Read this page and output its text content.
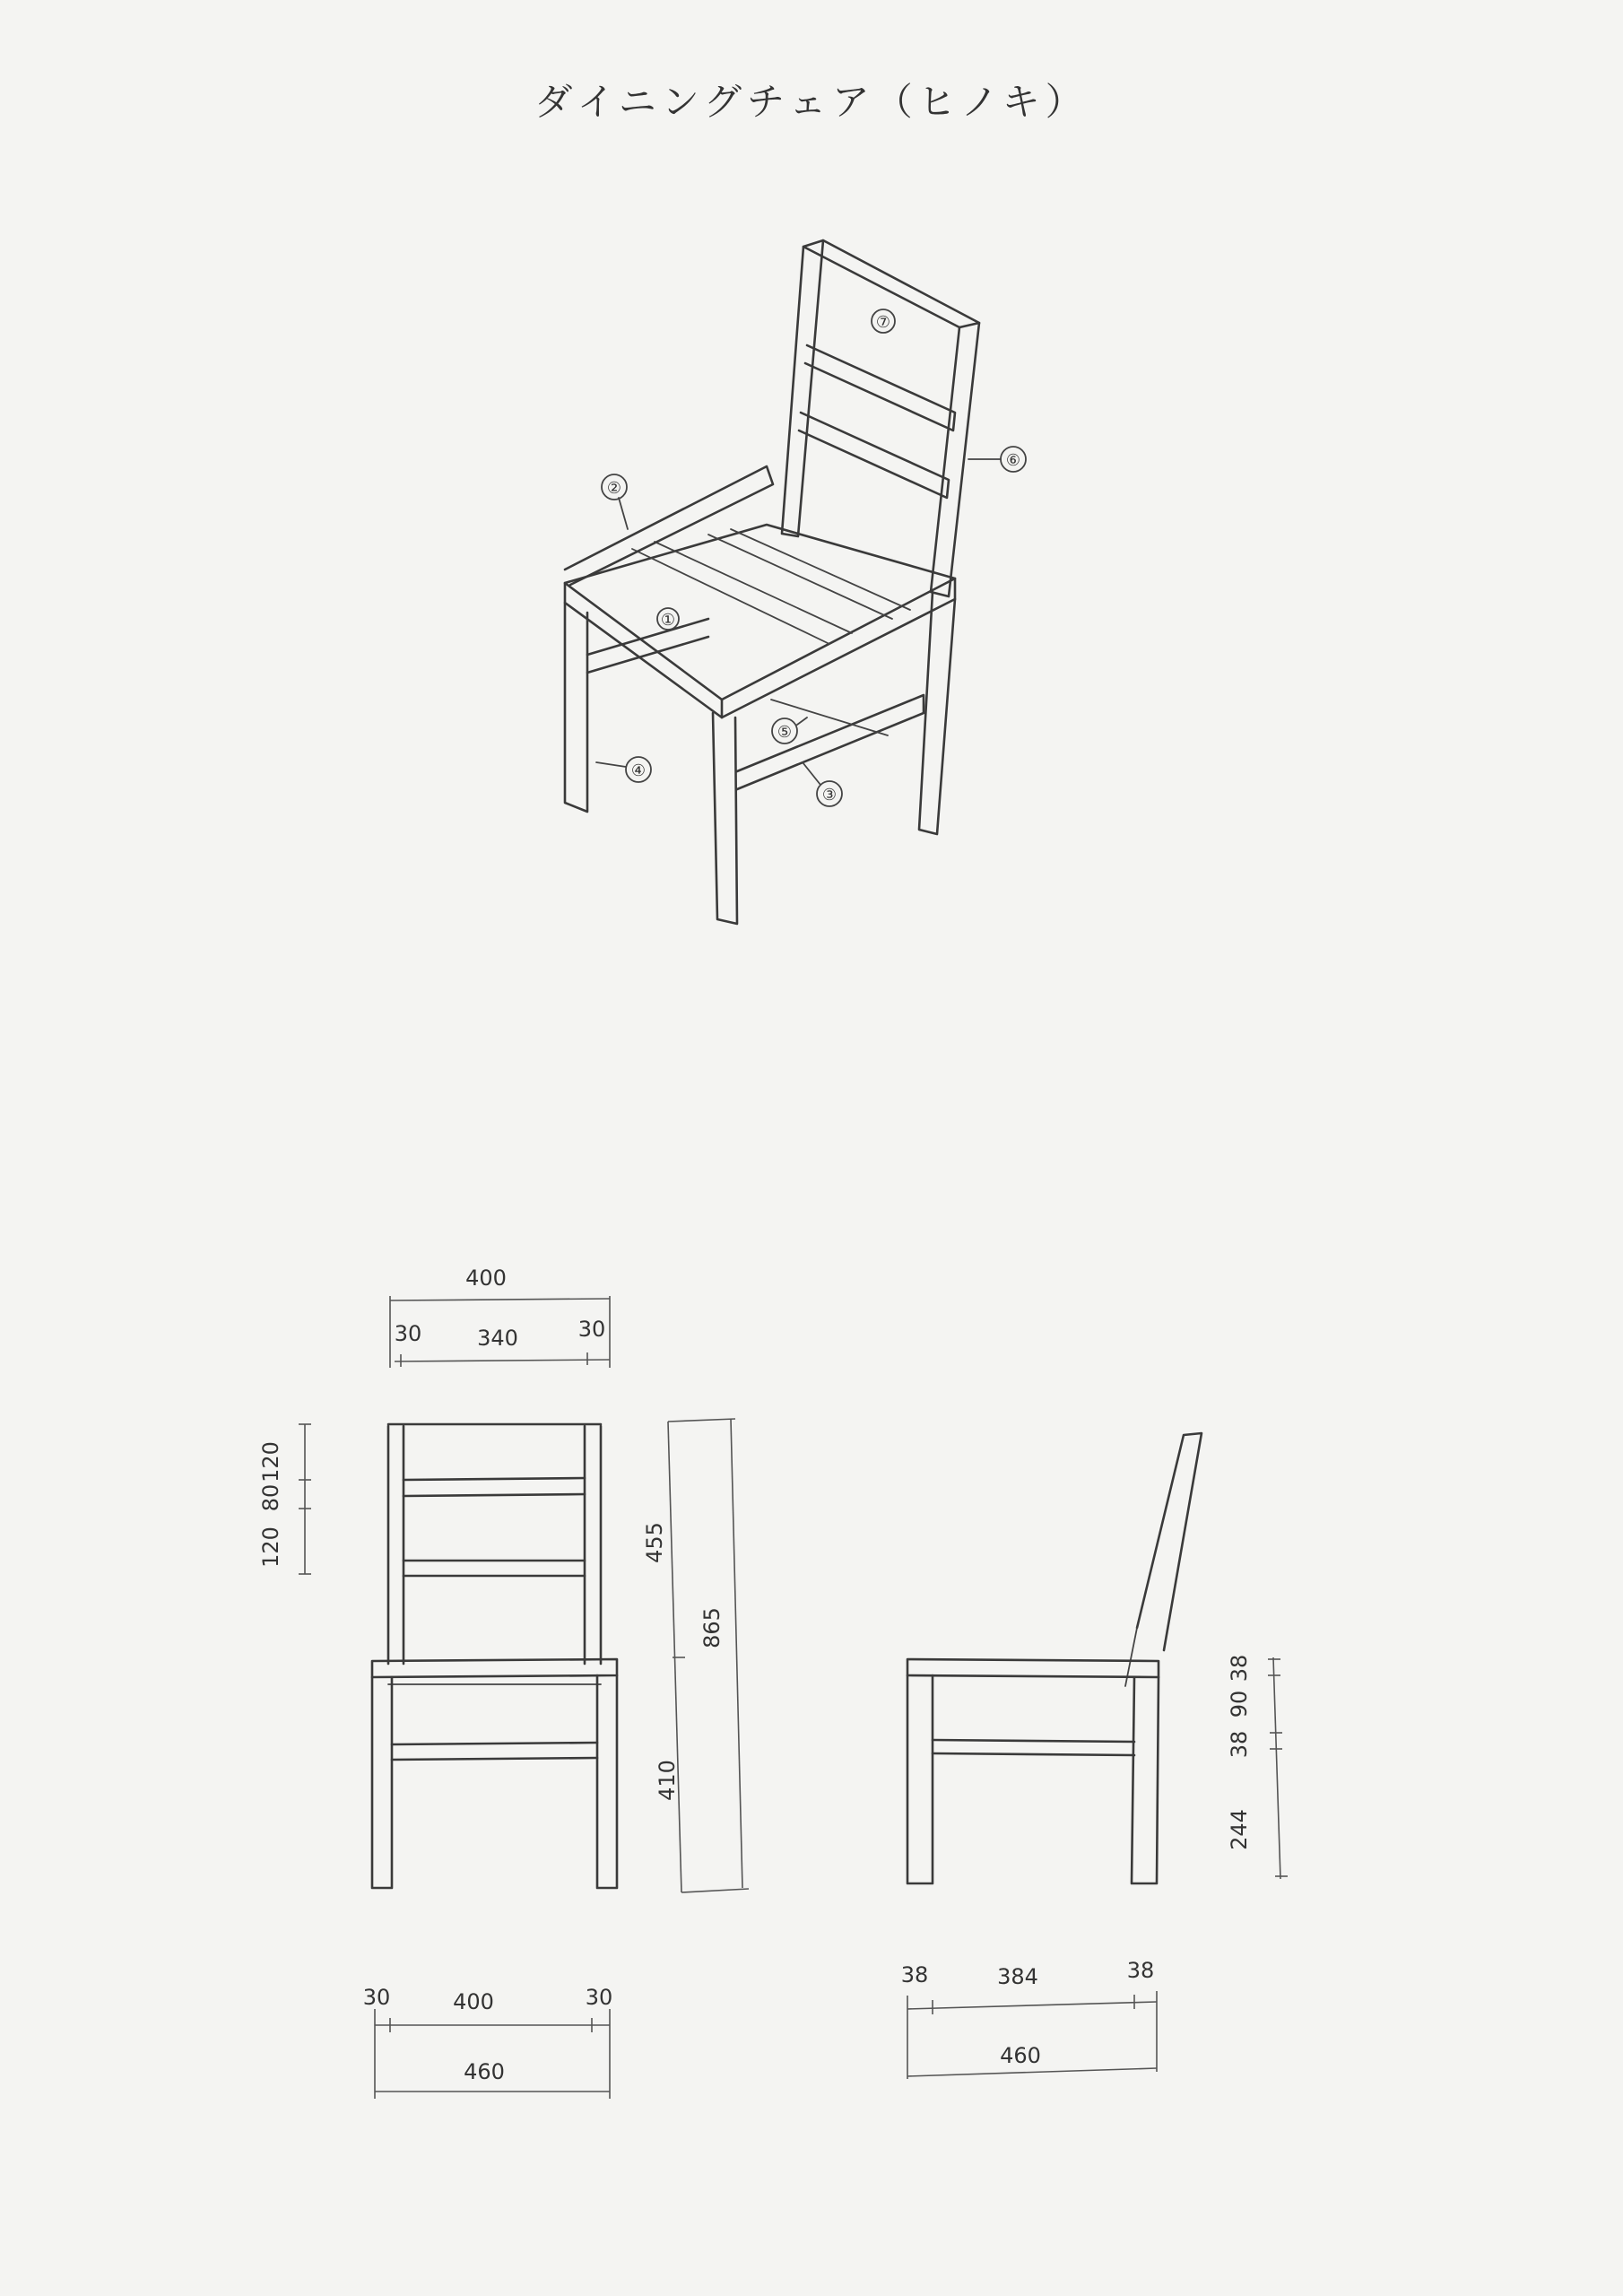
ダイニングチェア（ヒノキ）
①
②
③
④
⑤
⑥
⑦
400
30	340	30
120
80
120	455
865
410
30	400	30
460
38
90
38
244
38	384	38
460
